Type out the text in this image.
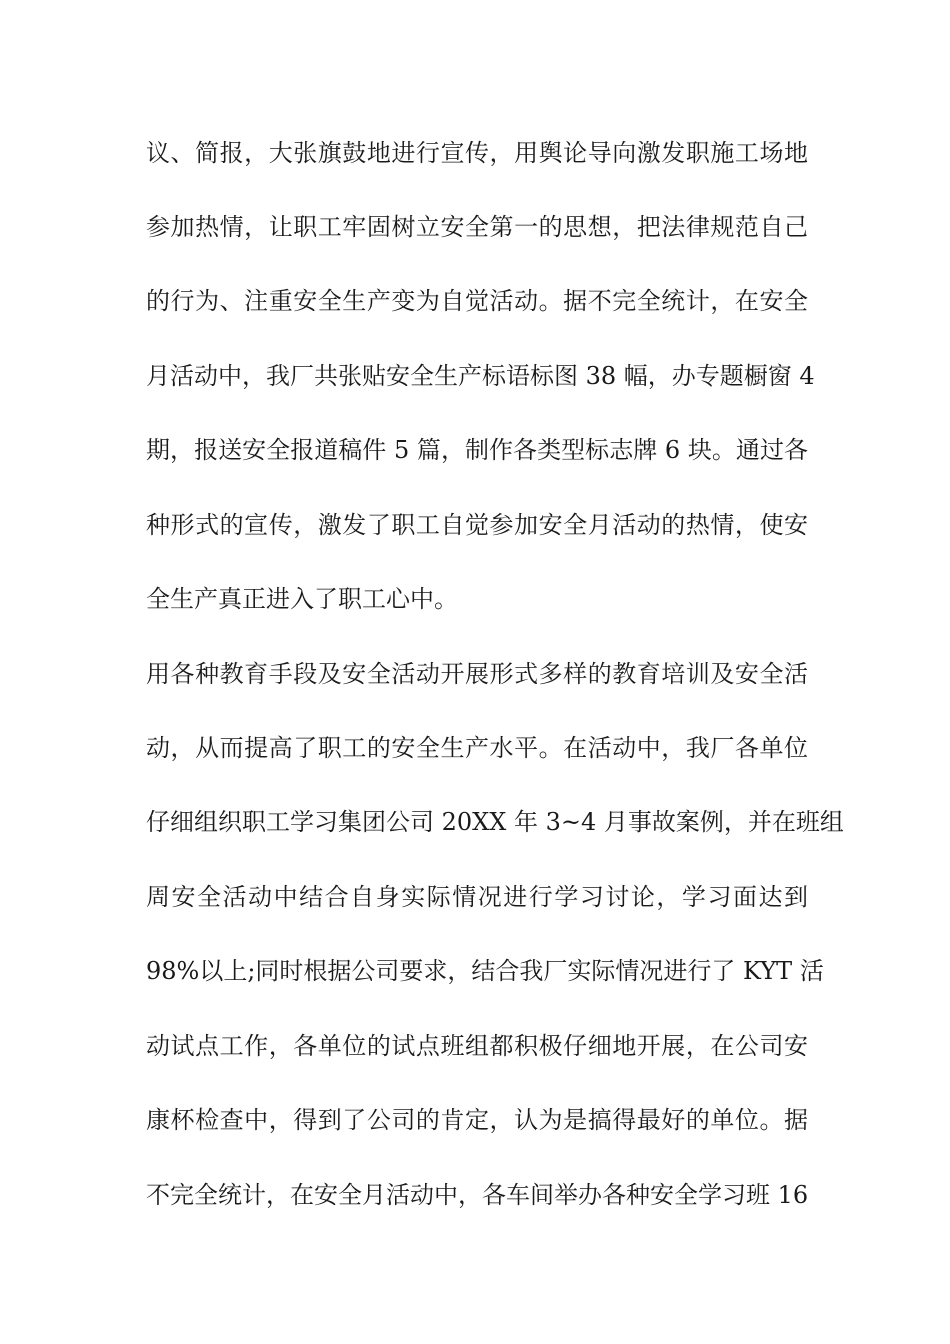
议、简报，大张旗鼓地进行宣传，用舆论导向激发职施工场地
参加热情，让职工牢固树立安全第一的思想，把法律规范自己
的行为、注重安全生产变为自觉活动。据不完全统计，在安全
月活动中，我厂共张贴安全生产标语标图 38 幅，办专题橱窗 4
期，报送安全报道稿件 5 篇，制作各类型标志牌 6 块。通过各
种形式的宣传，激发了职工自觉参加安全月活动的热情，使安
全生产真正进入了职工心中。
用各种教育手段及安全活动开展形式多样的教育培训及安全活
动，从而提高了职工的安全生产水平。在活动中，我厂各单位
仔细组织职工学习集团公司 20XX 年 3~4 月事故案例，并在班组
周安全活动中结合自身实际情况进行学习讨论，学习面达到
98%以上;同时根据公司要求，结合我厂实际情况进行了 KYT 活
动试点工作，各单位的试点班组都积极仔细地开展，在公司安
康杯检查中，得到了公司的肯定，认为是搞得最好的单位。据
不完全统计，在安全月活动中，各车间举办各种安全学习班 16
